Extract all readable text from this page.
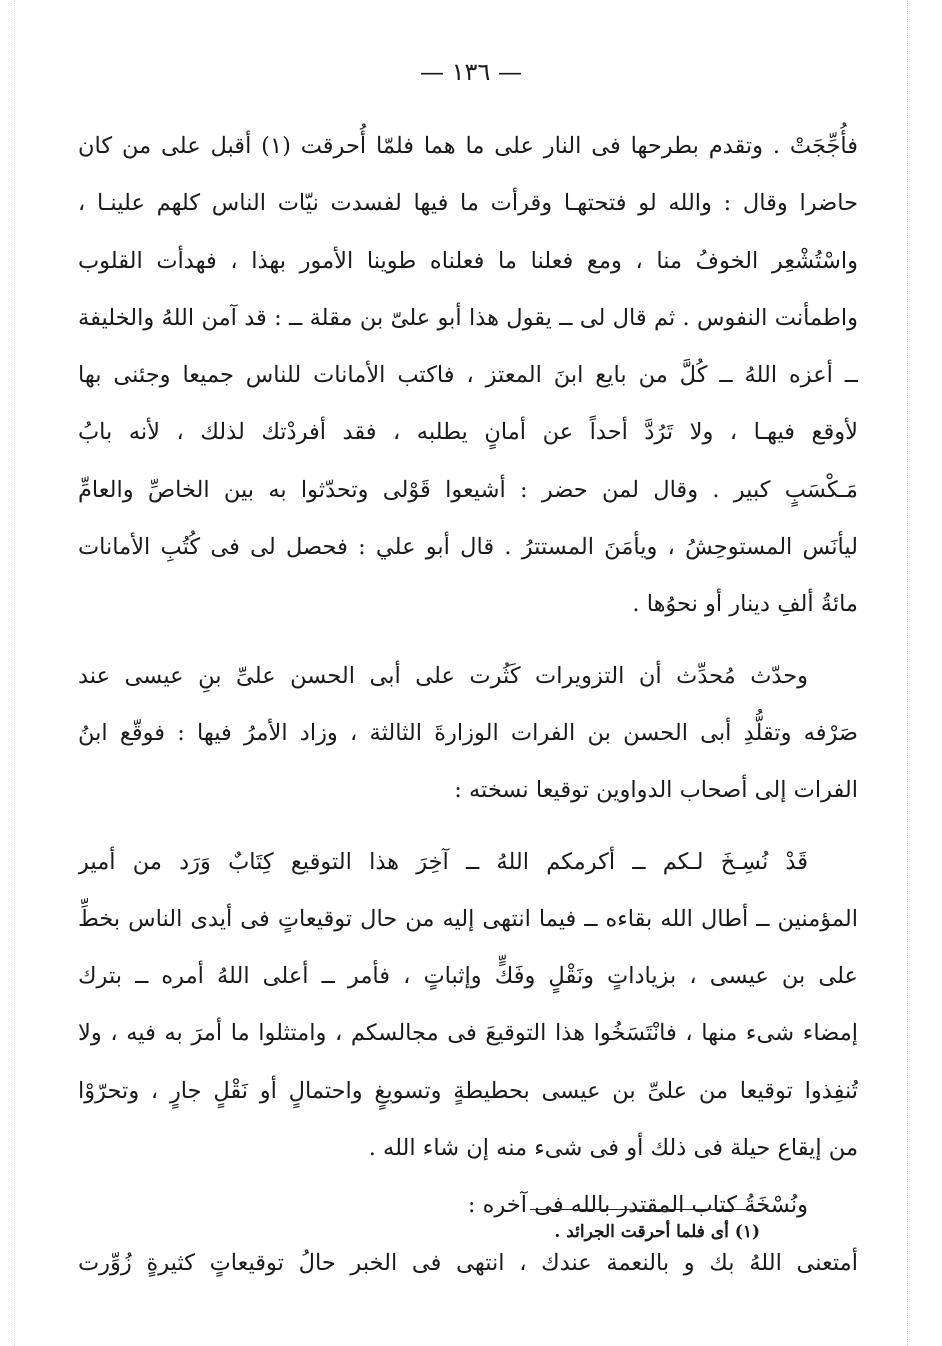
— ١٣٦ —
فأُجِّجَتْ . وتقدم بطرحها فى النار على ما هما فلمّا أُحرقت (١) أقبل على من كان
حاضرا وقال : والله لو فتحتهـا وقرأت ما فيها لفسدت نيّات الناس كلهم علينـا ،
واسْتُشْعِر الخوفُ منا ، ومع فعلنا ما فعلناه طوينا الأمور بهذا ، فهدأت القلوب
واطمأنت النفوس . ثم قال لى ــ يقول هذا أبو علىّ بن مقلة ــ : قد آمن اللهُ والخليفة
ــ أعزه اللهُ ــ كُلَّ من بايع ابنَ المعتز ، فاكتب الأمانات للناس جميعا وجئنى بها
لأوقع فيهـا ، ولا تَرُدَّ أحداً عن أمانٍ يطلبه ، فقد أفردْتك لذلك ، لأنه بابُ
مَـكْسَبٍ كبير . وقال لمن حضر : أشيعوا قَوْلى وتحدّثوا به بين الخاصِّ والعامِّ
ليأنَس المستوحِشُ ، ويأمَنَ المستترُ . قال أبو علي : فحصل لى فى كُتُبِ الأمانات
مائةُ ألفِ دينار أو نحوُها .
وحدّث مُحدِّث أن التزويرات كَثُرت على أبى الحسن علىِّ بنِ عيسى عند
صَرْفه وتقلُّدِ أبى الحسن بن الفرات الوزارةَ الثالثة ، وزاد الأمرُ فيها : فوقّع ابنُ
الفرات إلى أصحاب الدواوين توقيعا نسخته :
قَدْ نُسِـخَ لـكم ــ أكرمكم اللهُ ــ آخِرَ هذا التوقيع كِتَابٌ وَرَد من أمير
المؤمنين ــ أطال الله بقاءه ــ فيما انتهى إليه من حال توقيعاتٍ فى أيدى الناس بخطِّ
على بن عيسى ، بزياداتٍ ونَقْلٍ وفَكٍّ وإثباتٍ ، فأمر ــ أعلى اللهُ أمره ــ بترك
إمضاء شىء منها ، فانْتَسَخُوا هذا التوقيعَ فى مجالسكم ، وامتثلوا ما أمرَ به فيه ، ولا
تُنفِذوا توقيعا من علىِّ بن عيسى بحطيطةٍ وتسويغٍ واحتمالٍ أو نَقْلٍ جارٍ ، وتحرّوْا
من إيقاع حيلة فى ذلك أو فى شىء منه إن شاء الله .
ونُسْخَةُ كتاب المقتدر بالله فى آخره :
أمتعنى اللهُ بك و بالنعمة عندك ، انتهى فى الخبر حالُ توقيعاتٍ كثيرةٍ زُوِّرت
(١) أى فلما أحرقت الجرائد .
